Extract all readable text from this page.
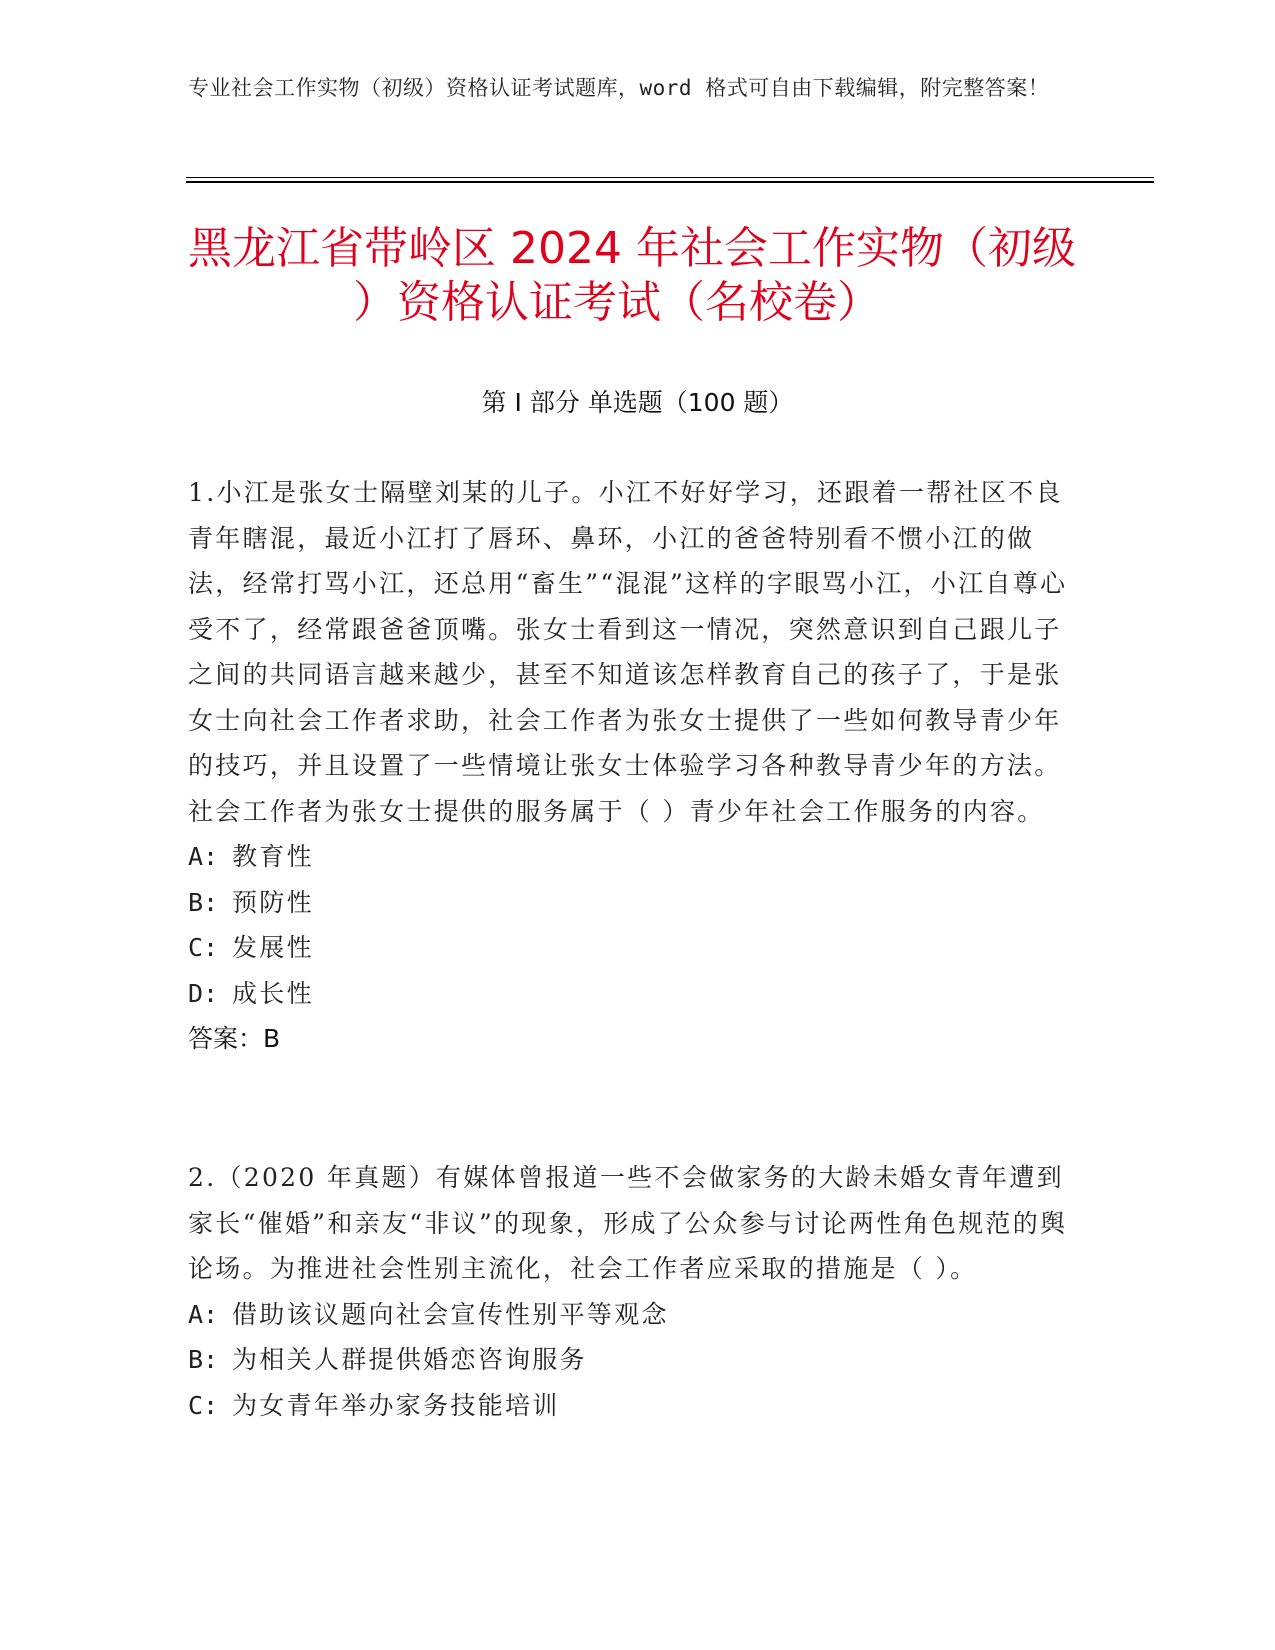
专业社会工作实物（初级）资格认证考试题库，word 格式可自由下载编辑，附完整答案！
黑龙江省带岭区 2024 年社会工作实物（初级
）资格认证考试（名校卷）
第 I 部分 单选题（100 题）

1.小江是张女士隔壁刘某的儿子。小江不好好学习，还跟着一帮社区不良青年瞎混，最近小江打了唇环、鼻环，小江的爸爸特别看不惯小江的做法，经常打骂小江，还总用“畜生”“混混”这样的字眼骂小江，小江自尊心受不了，经常跟爸爸顶嘴。张女士看到这一情况，突然意识到自己跟儿子之间的共同语言越来越少，甚至不知道该怎样教育自己的孩子了，于是张女士向社会工作者求助，社会工作者为张女士提供了一些如何教导青少年的技巧，并且设置了一些情境让张女士体验学习各种教导青少年的方法。社会工作者为张女士提供的服务属于（ ）青少年社会工作服务的内容。

A: 教育性
B: 预防性
C: 发展性
D: 成长性
答案：B

2.（2020 年真题）有媒体曾报道一些不会做家务的大龄未婚女青年遭到家长“催婚”和亲友“非议”的现象，形成了公众参与讨论两性角色规范的舆论场。为推进社会性别主流化，社会工作者应采取的措施是（ ）。

A: 借助该议题向社会宣传性别平等观念
B: 为相关人群提供婚恋咨询服务
C: 为女青年举办家务技能培训
